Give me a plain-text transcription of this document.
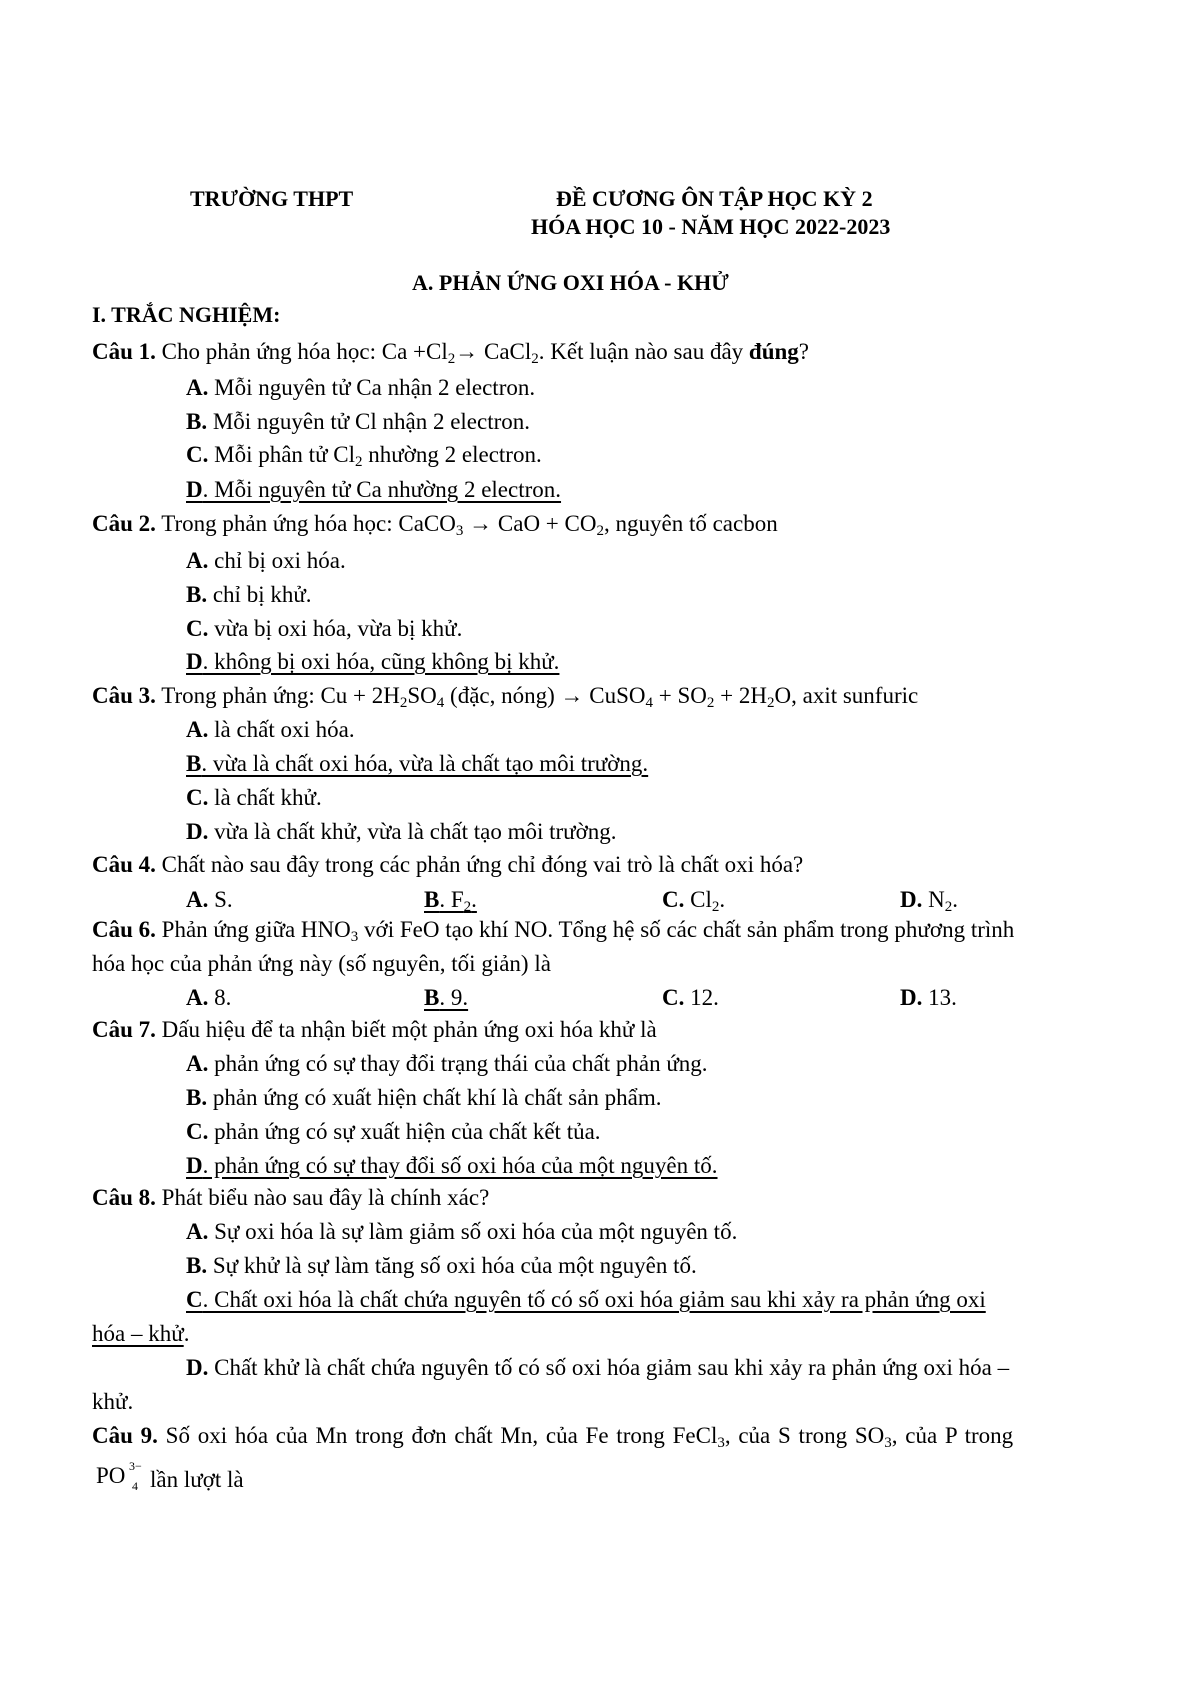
TRƯỜNG THPT	ĐỀ CƯƠNG ÔN TẬP HỌC KỲ 2
HÓA HỌC 10 - NĂM HỌC 2022-2023
A. PHẢN ỨNG OXI HÓA - KHỬ
I. TRẮC NGHIỆM:
Câu 1. Cho phản ứng hóa học: $Ca +Cl_2\to$ CaCl$_2$. Kết luận nào sau đây đúng?
A. Mỗi nguyên tử Ca nhận 2 electron.
B. Mỗi nguyên tử Cl nhận 2 electron.
C. Mỗi phân tử $Cl_2$ nhường 2 electron.
D. Mỗi nguyên tử Ca nhường 2 electron.
Câu 2. Trong phản ứng hóa học: CaCO$_3$ → CaO + $CO_2$, nguyên tố cacbon
A. chỉ bị oxi hóa.
B. chỉ bị khử.
C. vừa bị oxi hóa, vừa bị khử.
D. không bị oxi hóa, cũng không bị khử.
Câu 3. Trong phản ứng: $Cu + 2H_2SO_4$ (đặc, nóng) → CuSO$_4$ + $SO_2 + 2H_2O$, axit sunfuric
A. là chất oxi hóa.
B. vừa là chất oxi hóa, vừa là chất tạo môi trường.
C. là chất khử.
D. vừa là chất khử, vừa là chất tạo môi trường.
Câu 4. Chất nào sau đây trong các phản ứng chỉ đóng vai trò là chất oxi hóa?
A. S.	B. $F_2$.	C. $Cl_2$.	D. $N_2$.
Câu 6. Phản ứng giữa $HNO_3$ với FeO tạo khí NO. Tổng hệ số các chất sản phẩm trong phương trình
hóa học của phản ứng này (số nguyên, tối giản) là
A. 8.	B. 9.	C. 12.	D. 13.
Câu 7. Dấu hiệu để ta nhận biết một phản ứng oxi hóa khử là
A. phản ứng có sự thay đổi trạng thái của chất phản ứng.
B. phản ứng có xuất hiện chất khí là chất sản phẩm.
C. phản ứng có sự xuất hiện của chất kết tủa.
D. phản ứng có sự thay đổi số oxi hóa của một nguyên tố.
Câu 8. Phát biểu nào sau đây là chính xác?
A. Sự oxi hóa là sự làm giảm số oxi hóa của một nguyên tố.
B. Sự khử là sự làm tăng số oxi hóa của một nguyên tố.
C. Chất oxi hóa là chất chứa nguyên tố có số oxi hóa giảm sau khi xảy ra phản ứng oxi
hóa – khử.
D. Chất khử là chất chứa nguyên tố có số oxi hóa giảm sau khi xảy ra phản ứng oxi hóa –
khử.
Câu 9. Số oxi hóa của Mn trong đơn chất Mn, của Fe trong FeCl$_3$, của S trong $SO_3$, của P trong
PO 3−
4 lần lượt là
